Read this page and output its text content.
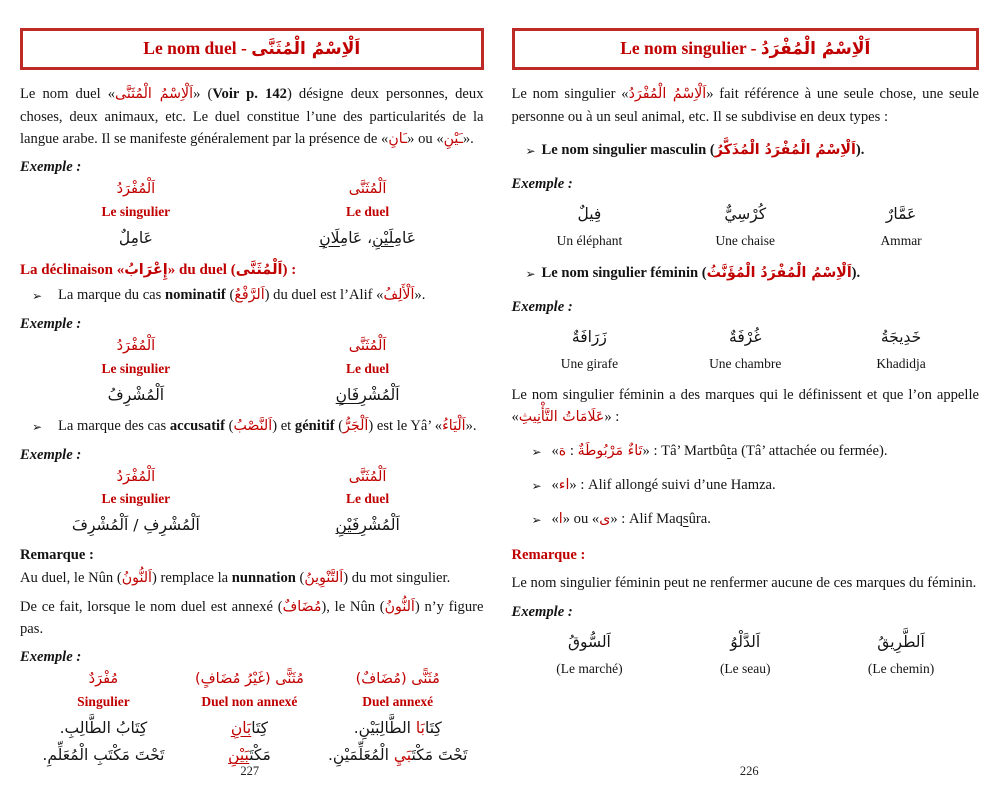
Le nom duel - اَلْاِسْمُ الْمُثَنَّى
Le nom duel «اَلْاِسْمُ الْمُثَنَّى» (Voir p. 142) désigne deux personnes, deux choses, deux animaux, etc. Le duel constitue l’une des particularités de la langue arabe. Il se manifeste généralement par la présence de «ـَانِ» ou «ـَيْنِ».
Exemple :
اَلْمُفْرَدُ
Le singulier
عَامِلٌ
اَلْمُثَنَّى
Le duel
عَامِلَيْنِ، عَامِلَانِ
La déclinaison «إِعْرَابُ» du duel (اَلْمُثَنَّى) :
➢	La marque du cas nominatif (اَلرَّفْعُ) du duel est l’Alif «اَلْأَلِفُ».
Exemple :
اَلْمُفْرَدُ
Le singulier
اَلْمُشْرِفُ
اَلْمُثَنَّى
Le duel
اَلْمُشْرِفَانِ
➢	La marque des cas accusatif (اَلنَّصْبُ) et génitif (اَلْجَرُّ) est le Yâ’ «اَلْيَاءُ».
Exemple :
اَلْمُفْرَدُ
Le singulier
اَلْمُشْرِفِ / اَلْمُشْرِفَ
اَلْمُثَنَّى
Le duel
اَلْمُشْرِفَيْنِ
Remarque :
Au duel, le Nûn (اَلنُّونُ) remplace la nunnation (اَلتَّنْوِينُ) du mot singulier.
De ce fait, lorsque le nom duel est annexé (مُضَافٌ), le Nûn (اَلنُّونُ) n’y figure pas.
Exemple :
مُفْرَدٌ
Singulier
كِتَابُ الطَّالِبِ.
تَحْتَ مَكْتَبِ الْمُعَلِّمِ.
مُثَنًّى (غَيْرُ مُضَافٍ)
Duel non annexé
كِتَابَانِ
مَكْتَبَيْنِ
مُثَنًّى (مُضَافٌ)
Duel annexé
كِتَابَا الطَّالِبَيْنِ.
تَحْتَ مَكْتَبَيِ الْمُعَلِّمَيْنِ.
227
Le nom singulier - اَلْاِسْمُ الْمُفْرَدُ
Le nom singulier «اَلْاِسْمُ الْمُفْرَدُ» fait référence à une seule chose, une seule personne ou à un seul animal, etc. Il se subdivise en deux types :
➢ Le nom singulier masculin (اَلْاِسْمُ الْمُفْرَدُ الْمُذَكَّرُ).
Exemple :
فِيلٌ
Un éléphant
كُرْسِيٌّ
Une chaise
عَمَّارٌ
Ammar
➢ Le nom singulier féminin (اَلْاِسْمُ الْمُفْرَدُ الْمُؤَنَّثُ).
Exemple :
زَرَافَةٌ
Une girafe
غُرْفَةٌ
Une chambre
خَدِيجَةُ
Khadidja
Le nom singulier féminin a des marques qui le définissent et que l’on appelle «عَلَامَاتُ التَّأْنِيثِ» :
➢ «ة : تَاءٌ مَرْبُوطَةٌ» : Tâ’ Martbûta (Tâ’ attachée ou fermée).
➢ «اء» : Alif allongé suivi d’une Hamza.
➢ «ا» ou «ى» : Alif Maqsûra.
Remarque :
Le nom singulier féminin peut ne renfermer aucune de ces marques du féminin.
Exemple :
اَلسُّوقُ
(Le marché)
اَلدَّلْوُ
(Le seau)
اَلطَّرِيقُ
(Le chemin)
226
